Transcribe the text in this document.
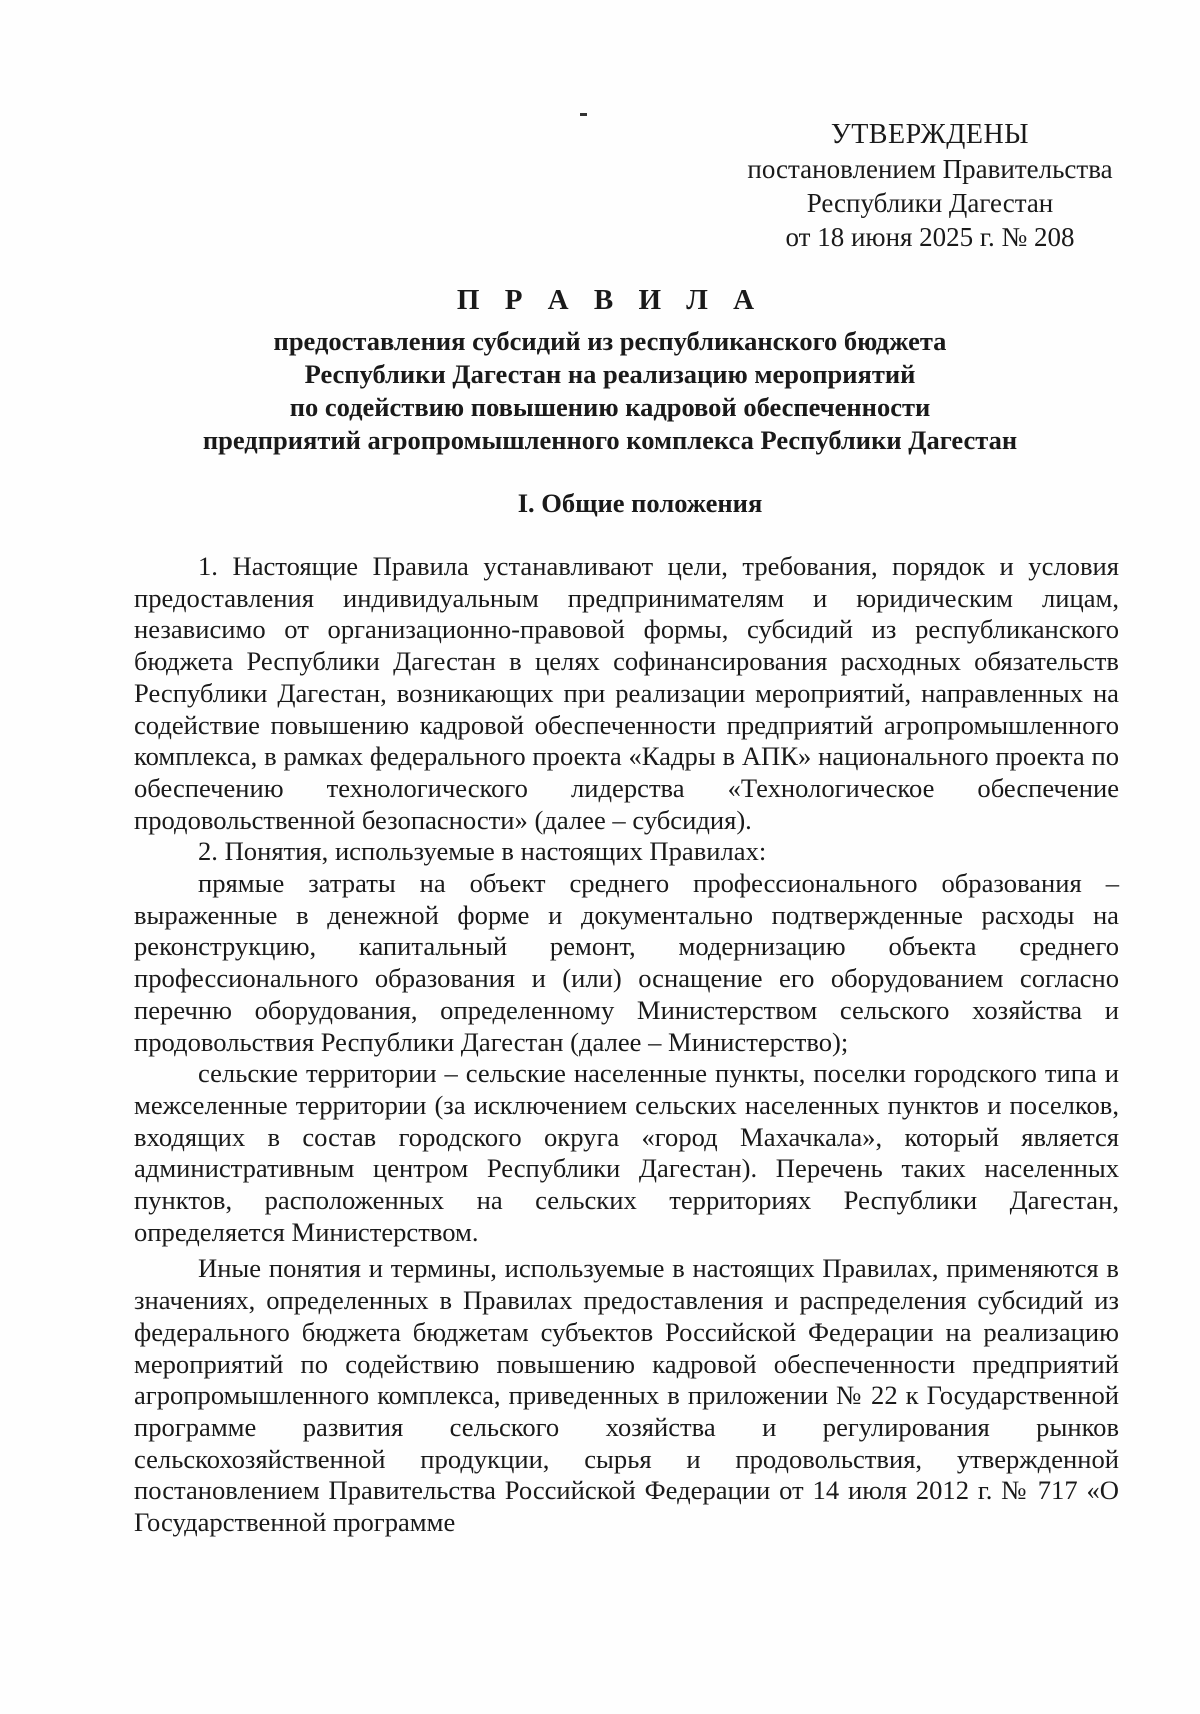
УТВЕРЖДЕНЫ
постановлением Правительства
Республики Дагестан
от 18 июня 2025 г. № 208
П Р А В И Л А
предоставления субсидий из республиканского бюджета
Республики Дагестан на реализацию мероприятий
по содействию повышению кадровой обеспеченности
предприятий агропромышленного комплекса Республики Дагестан
I. Общие положения

1. Настоящие Правила устанавливают цели, требования, порядок и условия предоставления индивидуальным предпринимателям и юридическим лицам, независимо от организационно-правовой формы, субсидий из республиканского бюджета Республики Дагестан в целях софинансирования расходных обязательств Республики Дагестан, возникающих при реализации мероприятий, направленных на содействие повышению кадровой обеспеченности предприятий агропромышленного комплекса, в рамках федерального проекта «Кадры в АПК» национального проекта по обеспечению технологического лидерства «Технологическое обеспечение продовольственной безопасности» (далее – субсидия).

2. Понятия, используемые в настоящих Правилах:

прямые затраты на объект среднего профессионального образования – выраженные в денежной форме и документально подтвержденные расходы на реконструкцию, капитальный ремонт, модернизацию объекта среднего профессионального образования и (или) оснащение его оборудованием согласно перечню оборудования, определенному Министерством сельского хозяйства и продовольствия Республики Дагестан (далее – Министерство);

сельские территории – сельские населенные пункты, поселки городского типа и межселенные территории (за исключением сельских населенных пунктов и поселков, входящих в состав городского округа «город Махачкала», который является административным центром Республики Дагестан). Перечень таких населенных пунктов, расположенных на сельских территориях Республики Дагестан, определяется Министерством.

Иные понятия и термины, используемые в настоящих Правилах, применяются в значениях, определенных в Правилах предоставления и распределения субсидий из федерального бюджета бюджетам субъектов Российской Федерации на реализацию мероприятий по содействию повышению кадровой обеспеченности предприятий агропромышленного комплекса, приведенных в приложении № 22 к Государственной программе развития сельского хозяйства и регулирования рынков сельскохозяйственной продукции, сырья и продовольствия, утвержденной постановлением Правительства Российской Федерации от 14 июля 2012 г. № 717 «О Государственной программе
